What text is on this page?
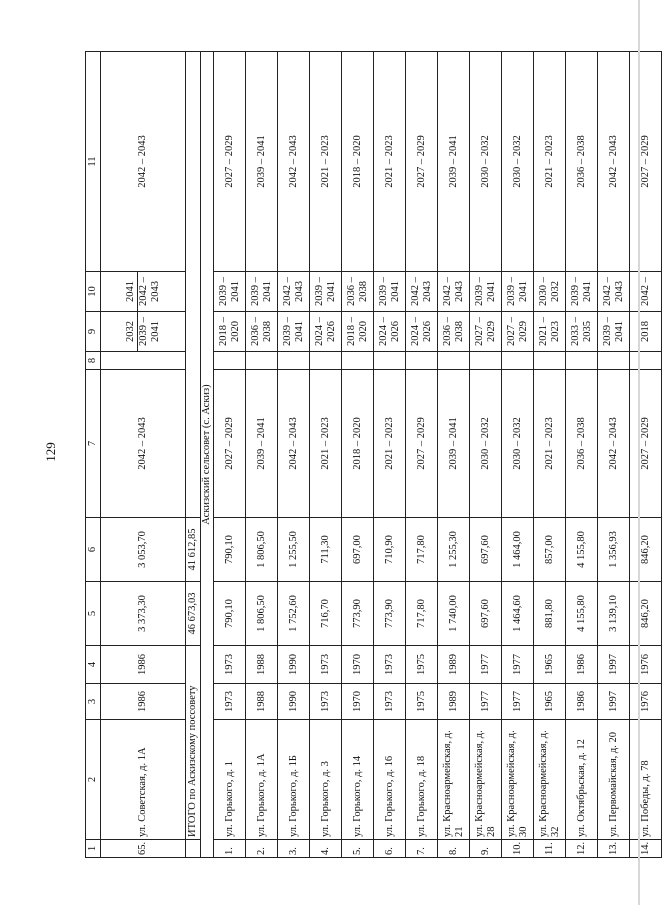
129
1	2	3	4	5	6	7	8	9	10	11
65.	ул. Советская, д. 1А	1986	1986	3 373,30	3 053,70	2042 – 2043		2032 2039 – 2041	2041 2042 – 2043	2042 – 2043
	ИТОГО по Аскизскому поссовету			46 673,03	41 612,85					
Аскизский сельсовет (с. Аскиз)										
1.	ул. Горького, д. 1	1973	1973	790,10	790,10	2027 – 2029		2018 – 2020	2039 – 2041	2027 – 2029
2.	ул. Горького, д. 1А	1988	1988	1 806,50	1 806,50	2039 – 2041		2036 – 2038	2039 – 2041	2039 – 2041
3.	ул. Горького, д. 1Б	1990	1990	1 752,60	1 255,50	2042 – 2043		2039 – 2041	2042 – 2043	2042 – 2043
4.	ул. Горького, д. 3	1973	1973	716,70	711,30	2021 – 2023		2024 – 2026	2039 – 2041	2021 – 2023
5.	ул. Горького, д. 14	1970	1970	773,90	697,00	2018 – 2020		2018 – 2020	2036 – 2038	2018 – 2020
6.	ул. Горького, д. 16	1973	1973	773,90	710,90	2021 – 2023		2024 – 2026	2039 – 2041	2021 – 2023
7.	ул. Горького, д. 18	1975	1975	717,80	717,80	2027 – 2029		2024 – 2026	2042 – 2043	2027 – 2029
8.	ул. Красноармейская, д. 21	1989	1989	1 740,00	1 255,30	2039 – 2041		2036 – 2038	2042 – 2043	2039 – 2041
9.	ул. Красноармейская, д. 28	1977	1977	697,60	697,60	2030 – 2032		2027 – 2029	2039 – 2041	2030 – 2032
10.	ул. Красноармейская, д. 30	1977	1977	1 464,60	1 464,00	2030 – 2032		2027 – 2029	2039 – 2041	2030 – 2032
11.	ул. Красноармейская, д. 32	1965	1965	881,80	857,00	2021 – 2023		2021 – 2023	2030 – 2032	2021 – 2023
12.	ул. Октябрьская, д. 12	1986	1986	4 155,80	4 155,80	2036 – 2038		2033 – 2035	2039 – 2041	2036 – 2038
13.	ул. Первомайская, д. 20	1997	1997	3 139,10	1 356,93	2042 – 2043		2039 – 2041	2042 – 2043	2042 – 2043
14.	ул. Победы, д. 78	1976	1976	846,20	846,20	2027 – 2029		2018	2042 –	2027 – 2029
